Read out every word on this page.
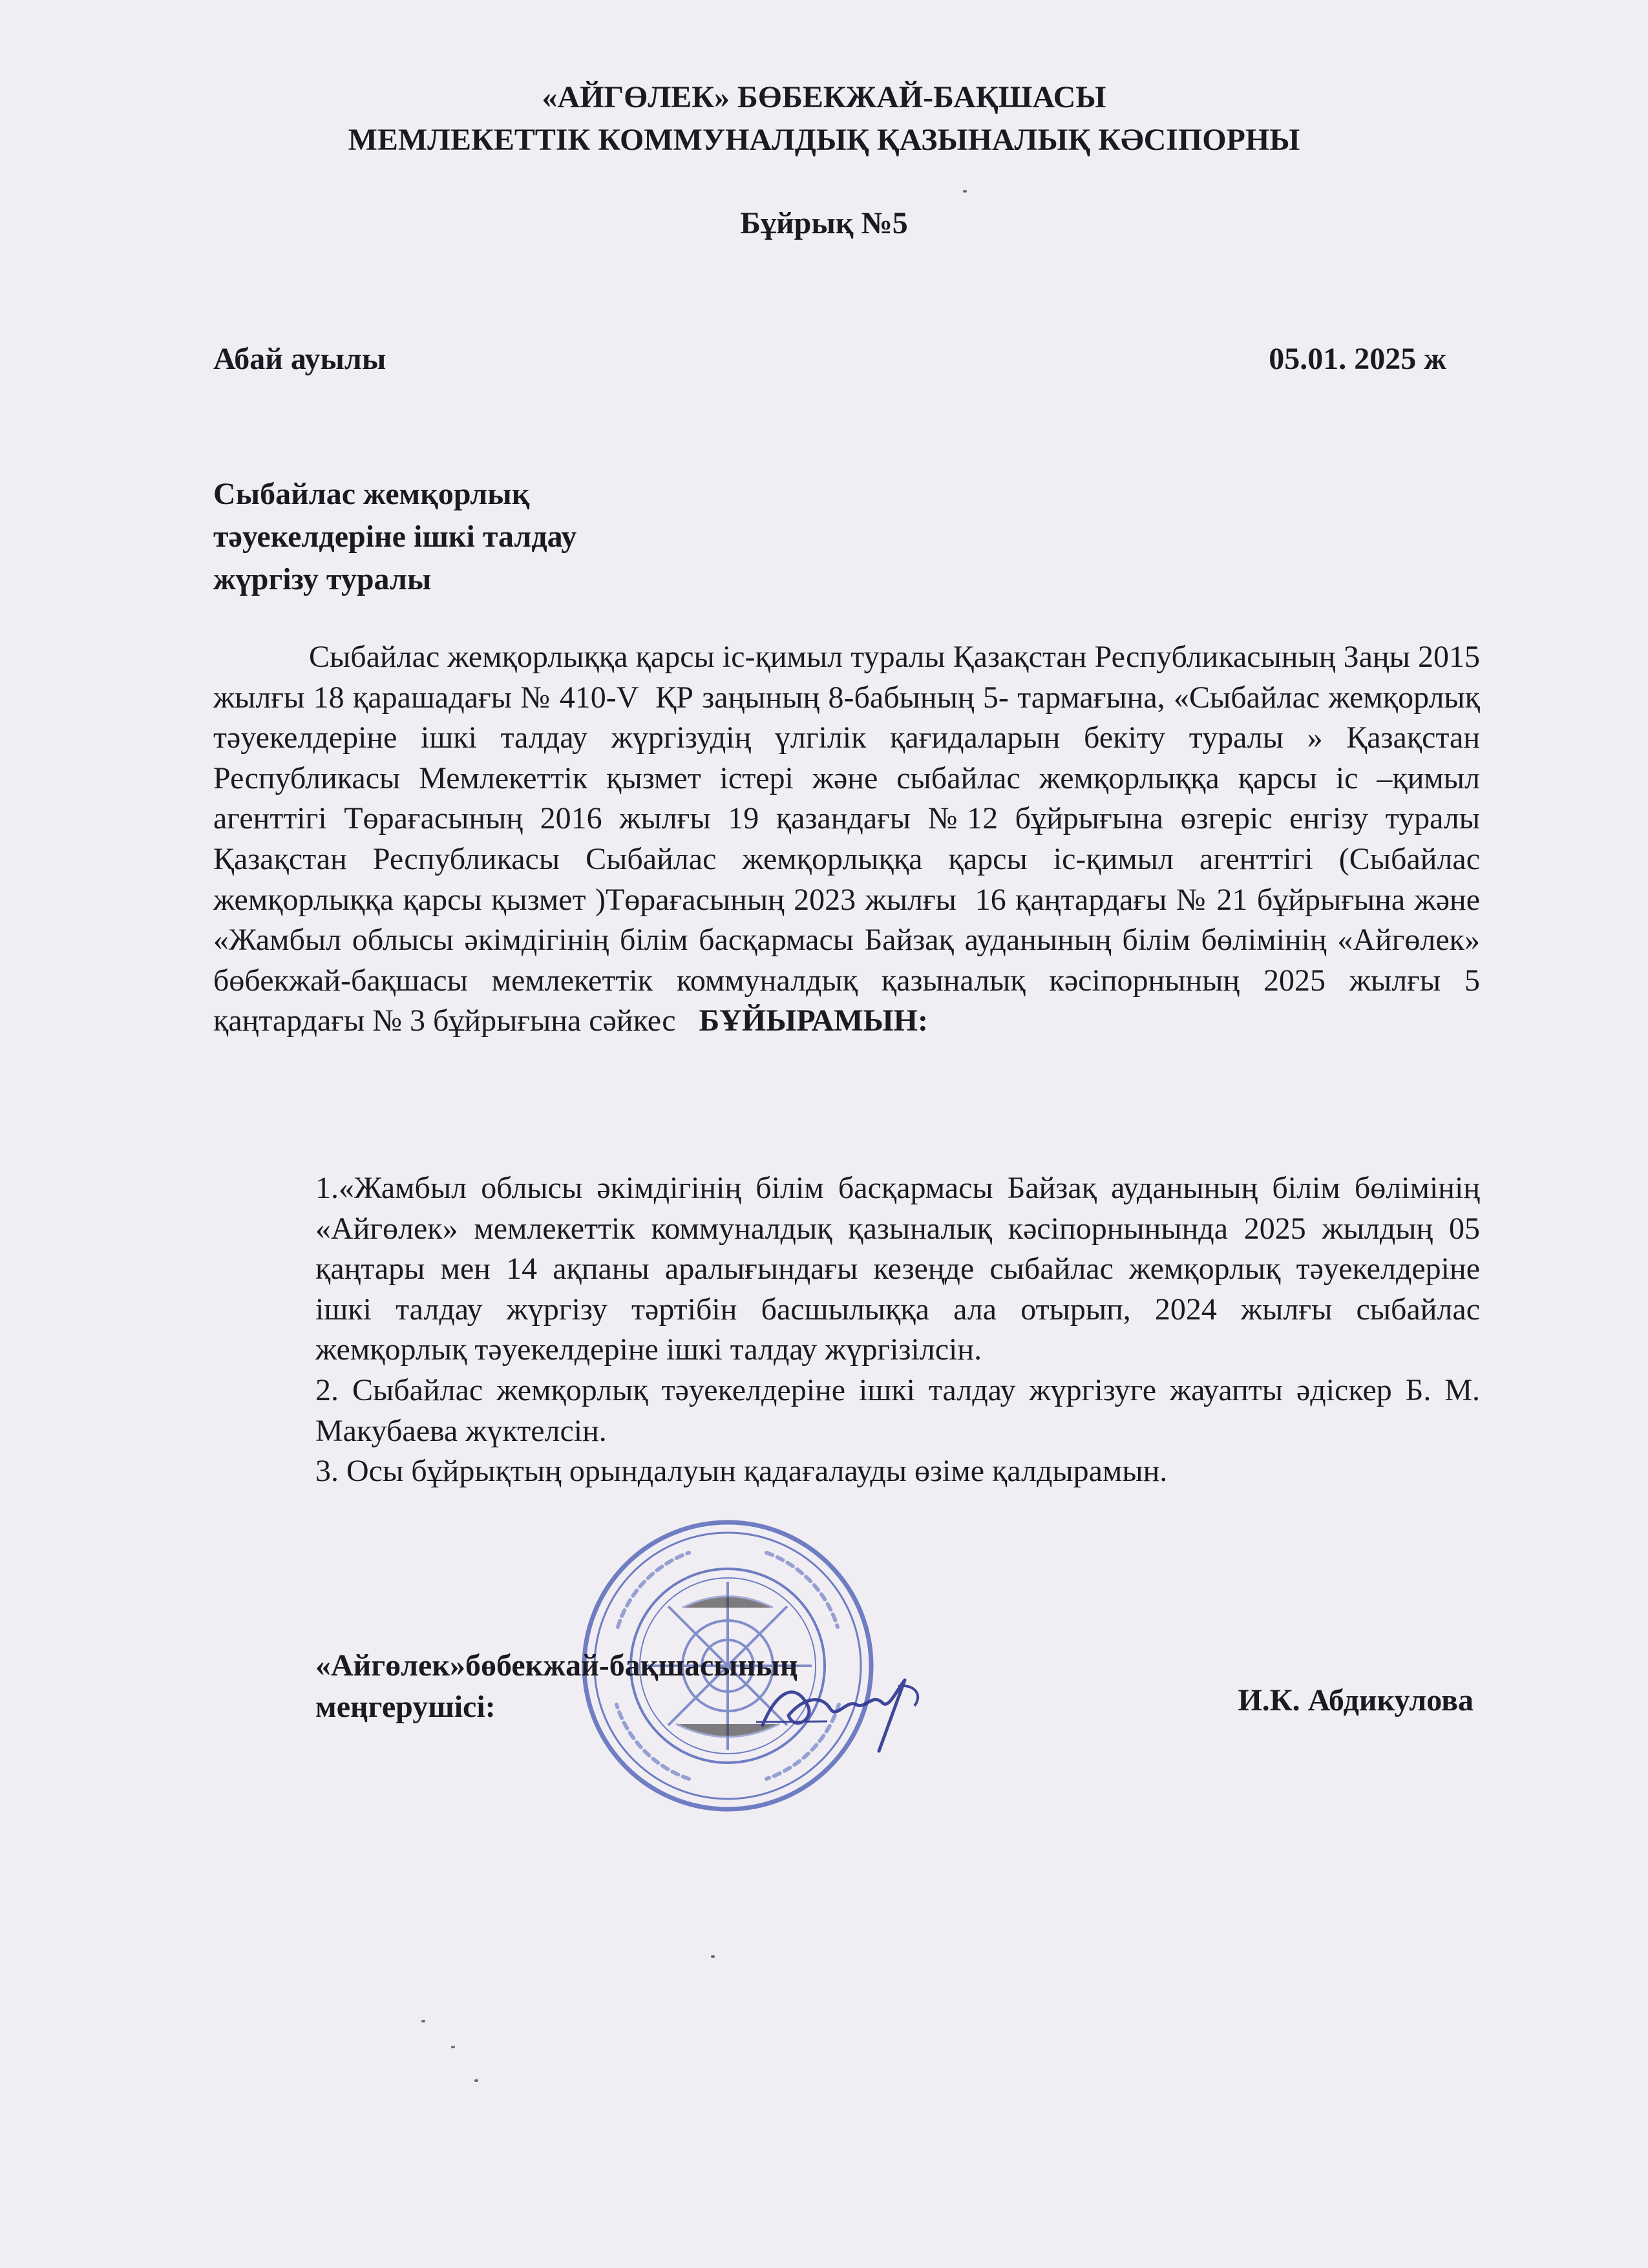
«АЙГӨЛЕК» БӨБЕКЖАЙ-БАҚШАСЫ
МЕМЛЕКЕТТІК КОММУНАЛДЫҚ ҚАЗЫНАЛЫҚ КӘСІПОРНЫ
Бұйрық №5
Абай ауылы	05.01. 2025 ж
Сыбайлас жемқорлық
тәуекелдеріне ішкі талдау
жүргізу туралы
Сыбайлас жемқорлыққа қарсы іс-қимыл туралы Қазақстан Республикасының Заңы 2015 жылғы 18 қарашадағы № 410-V  ҚР заңының 8-бабының 5- тармағына, «Сыбайлас жемқорлық тәуекелдеріне ішкі талдау жүргізудің үлгілік қағидаларын бекіту туралы » Қазақстан Республикасы Мемлекеттік қызмет істері және сыбайлас жемқорлыққа қарсы іс –қимыл агенттігі Төрағасының 2016 жылғы 19 қазандағы №12 бұйрығына өзгеріс енгізу туралы Қазақстан Республикасы Сыбайлас жемқорлыққа қарсы іс-қимыл агенттігі (Сыбайлас жемқорлыққа қарсы қызмет )Төрағасының 2023 жылғы  16 қаңтардағы № 21 бұйрығына және «Жамбыл облысы әкімдігінің білім басқармасы Байзақ ауданының білім бөлімінің «Айгөлек» бөбекжай-бақшасы мемлекеттік коммуналдық қазыналық кәсіпорнының 2025 жылғы 5 қаңтардағы № 3 бұйрығына сәйкес БҰЙЫРАМЫН:
1.«Жамбыл облысы әкімдігінің білім басқармасы Байзақ ауданының білім бөлімінің «Айгөлек» мемлекеттік коммуналдық қазыналық кәсіпорнынында 2025 жылдың 05 қаңтары мен 14 ақпаны аралығындағы кезеңде сыбайлас жемқорлық тәуекелдеріне ішкі талдау жүргізу тәртібін басшылыққа ала отырып, 2024 жылғы сыбайлас жемқорлық тәуекелдеріне ішкі талдау жүргізілсін.
2. Сыбайлас жемқорлық тәуекелдеріне ішкі талдау жүргізуге жауапты әдіскер Б. М. Макубаева жүктелсін.
3. Осы бұйрықтың орындалуын қадағалауды өзіме қалдырамын.
«Айгөлек»бөбекжай-бақшасының
меңгерушісі:	И.К. Абдикулова
